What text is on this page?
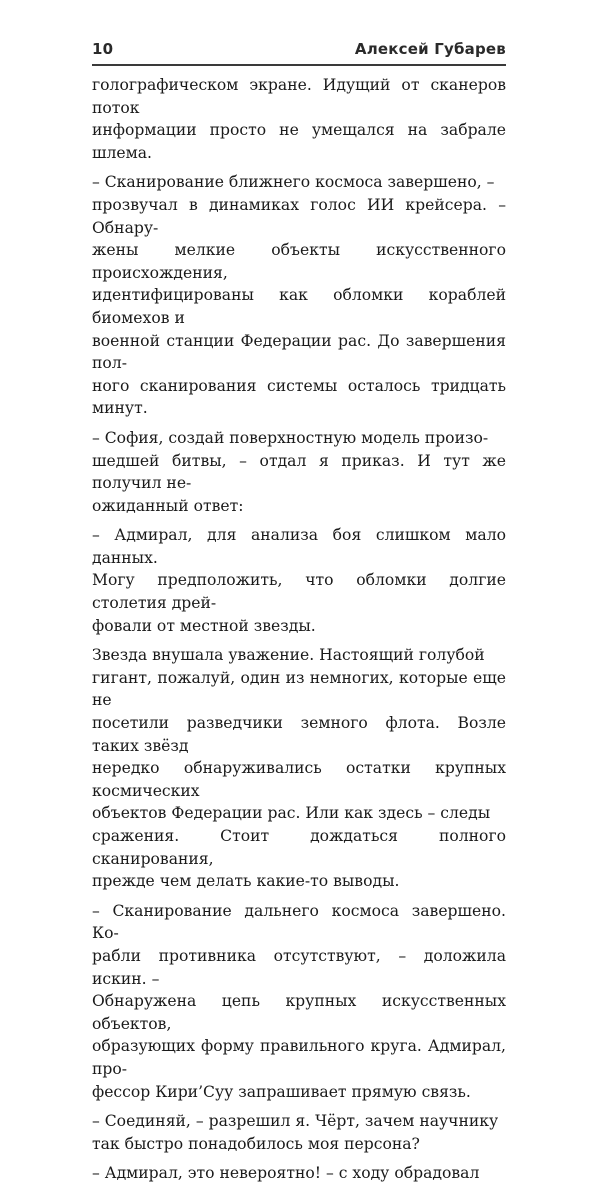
10	Алексей Губарев

голографическом экране. Идущий от сканеров поток
информации просто не умещался на забрале шлема.

– Сканирование ближнего космоса завершено, –
прозвучал в динамиках голос ИИ крейсера. – Обнару-
жены мелкие объекты искусственного происхождения,
идентифицированы как обломки кораблей биомехов и
военной станции Федерации рас. До завершения пол-
ного сканирования системы осталось тридцать минут.

– София, создай поверхностную модель произо-
шедшей битвы, – отдал я приказ. И тут же получил не-
ожиданный ответ:

– Адмирал, для анализа боя слишком мало данных.
Могу предположить, что обломки долгие столетия дрей-
фовали от местной звезды.

Звезда внушала уважение. Настоящий голубой
гигант, пожалуй, один из немногих, которые еще не
посетили разведчики земного флота. Возле таких звёзд
нередко обнаруживались остатки крупных космических
объектов Федерации рас. Или как здесь – следы
сражения. Стоит дождаться полного сканирования,
прежде чем делать какие-то выводы.

– Сканирование дальнего космоса завершено. Ко-
рабли противника отсутствуют, – доложила искин. –
Обнаружена цепь крупных искусственных объектов,
образующих форму правильного круга. Адмирал, про-
фессор Кири’Суу запрашивает прямую связь.

– Соединяй, – разрешил я. Чёрт, зачем научнику
так быстро понадобилось моя персона?

– Адмирал, это невероятно! – с ходу обрадовал
